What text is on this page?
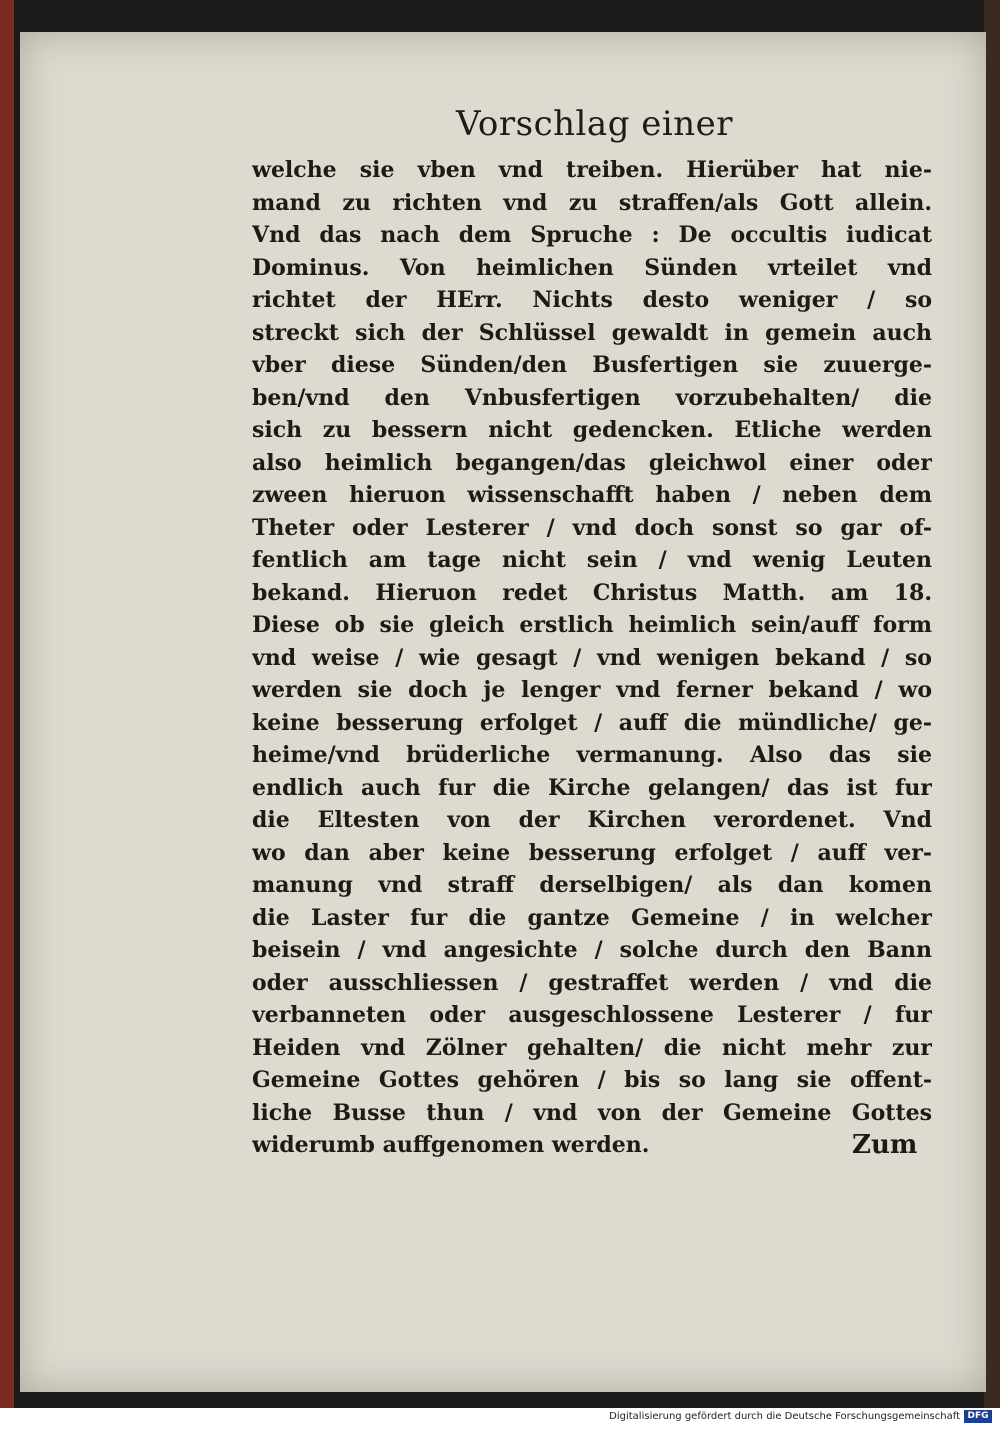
Vorschlag einer
welche sie vben vnd treiben. Hierüber hat nie-
mand zu richten vnd zu straffen/als Gott allein.
Vnd das nach dem Spruche : De occultis iudicat
Dominus. Von heimlichen Sünden vrteilet vnd
richtet der HErr. Nichts desto weniger / so
streckt sich der Schlüssel gewaldt in gemein auch
vber diese Sünden/den Busfertigen sie zuuerge-
ben/vnd den Vnbusfertigen vorzubehalten/ die
sich zu bessern nicht gedencken. Etliche werden
also heimlich begangen/das gleichwol einer oder
zween hieruon wissenschafft haben / neben dem
Theter oder Lesterer / vnd doch sonst so gar of-
fentlich am tage nicht sein / vnd wenig Leuten
bekand. Hieruon redet Christus Matth. am 18.
Diese ob sie gleich erstlich heimlich sein/auff form
vnd weise / wie gesagt / vnd wenigen bekand / so
werden sie doch je lenger vnd ferner bekand / wo
keine besserung erfolget / auff die mündliche/ ge-
heime/vnd brüderliche vermanung. Also das sie
endlich auch fur die Kirche gelangen/ das ist fur
die Eltesten von der Kirchen verordenet. Vnd
wo dan aber keine besserung erfolget / auff ver-
manung vnd straff derselbigen/ als dan komen
die Laster fur die gantze Gemeine / in welcher
beisein / vnd angesichte / solche durch den Bann
oder ausschliessen / gestraffet werden / vnd die
verbanneten oder ausgeschlossene Lesterer / fur
Heiden vnd Zölner gehalten/ die nicht mehr zur
Gemeine Gottes gehören / bis so lang sie offent-
liche Busse thun / vnd von der Gemeine Gottes
widerumb auffgenomen werden.	Zum
Digitalisierung gefördert durch die Deutsche Forschungsgemeinschaft DFG
